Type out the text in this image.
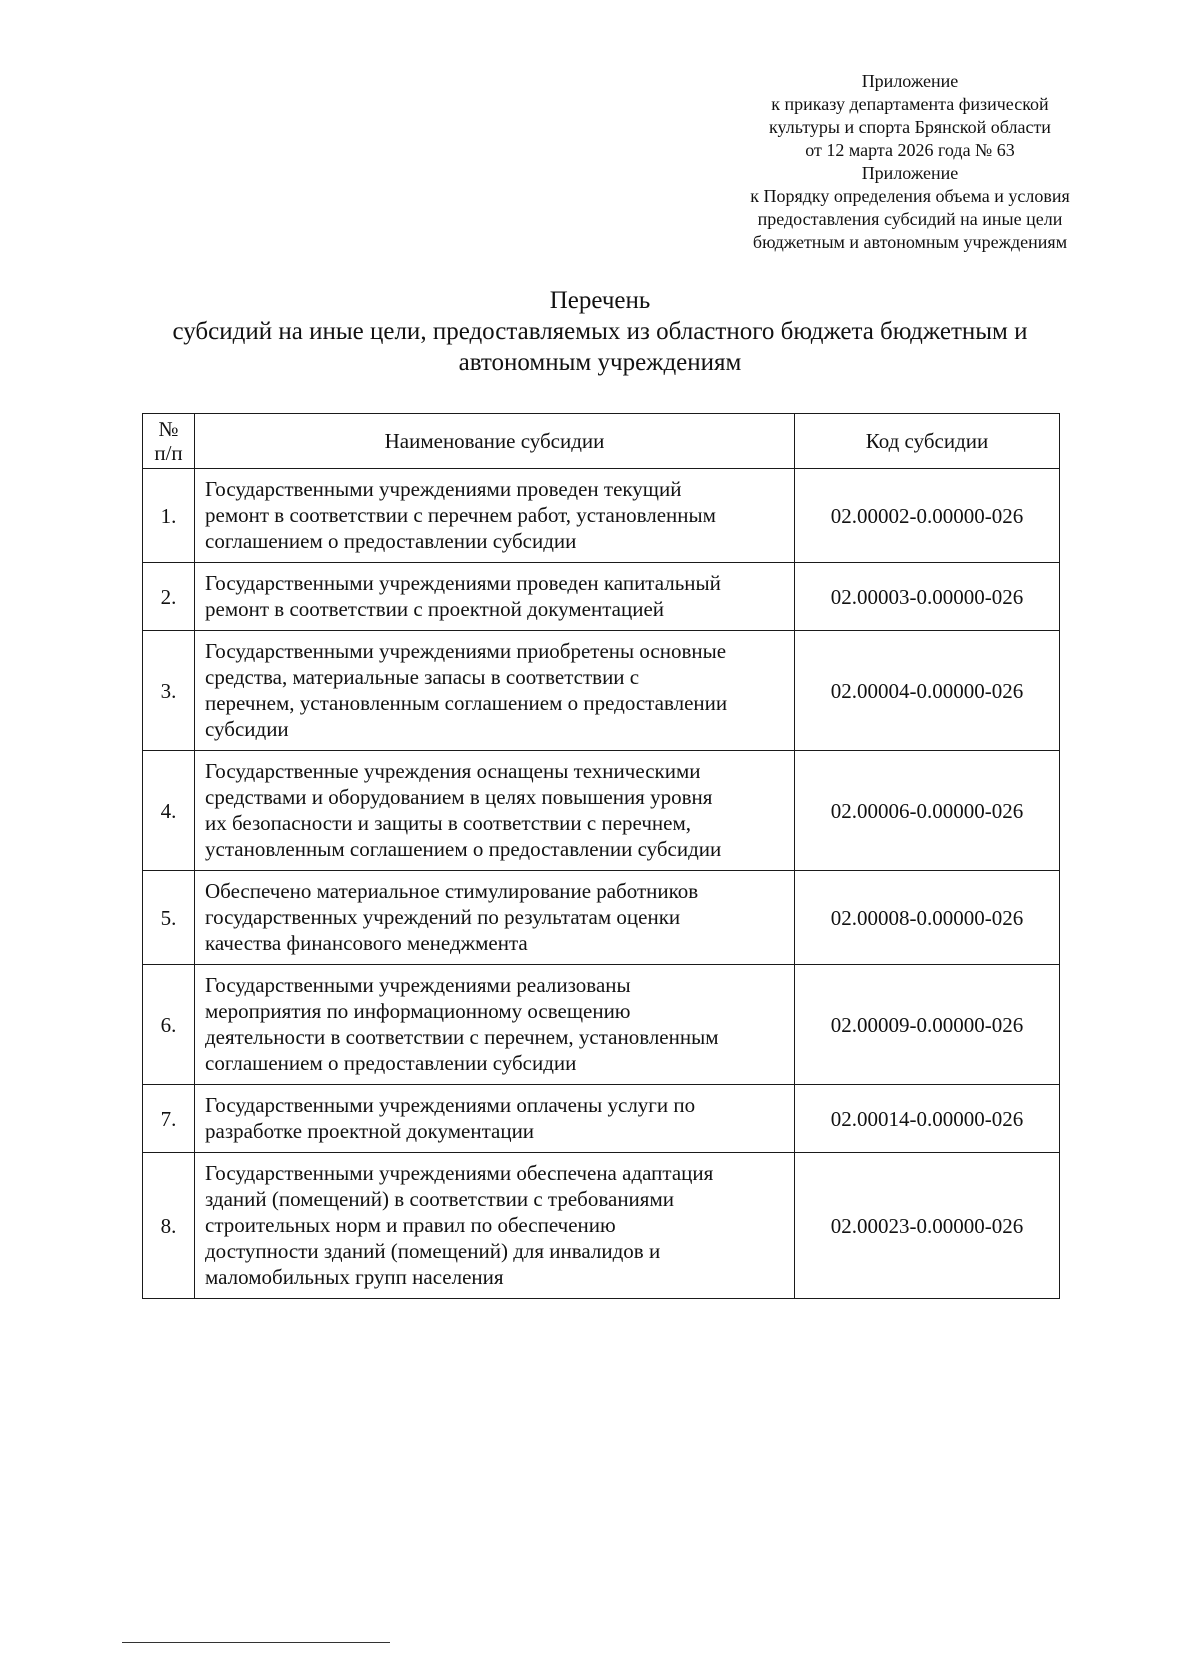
Приложение
к приказу департамента физической
культуры и спорта Брянской области
от 12 марта 2026 года № 63
Приложение
к Порядку определения объема и условия
предоставления субсидий на иные цели
бюджетным и автономным учреждениям
Перечень
субсидий на иные цели, предоставляемых из областного бюджета бюджетным и
автономным учреждениям
№
п/п	Наименование субсидии	Код субсидии
1.	Государственными учреждениями проведен текущий
ремонт в соответствии с перечнем работ, установленным
соглашением о предоставлении субсидии	02.00002-0.00000-026
2.	Государственными учреждениями проведен капитальный
ремонт в соответствии с проектной документацией	02.00003-0.00000-026
3.	Государственными учреждениями приобретены основные
средства, материальные запасы в соответствии с
перечнем, установленным соглашением о предоставлении
субсидии	02.00004-0.00000-026
4.	Государственные учреждения оснащены техническими
средствами и оборудованием в целях повышения уровня
их безопасности и защиты в соответствии с перечнем,
установленным соглашением о предоставлении субсидии	02.00006-0.00000-026
5.	Обеспечено материальное стимулирование работников
государственных учреждений по результатам оценки
качества финансового менеджмента	02.00008-0.00000-026
6.	Государственными учреждениями реализованы
мероприятия по информационному освещению
деятельности в соответствии с перечнем, установленным
соглашением о предоставлении субсидии	02.00009-0.00000-026
7.	Государственными учреждениями оплачены услуги по
разработке проектной документации	02.00014-0.00000-026
8.	Государственными учреждениями обеспечена адаптация
зданий (помещений) в соответствии с требованиями
строительных норм и правил по обеспечению
доступности зданий (помещений) для инвалидов и
маломобильных групп населения	02.00023-0.00000-026
